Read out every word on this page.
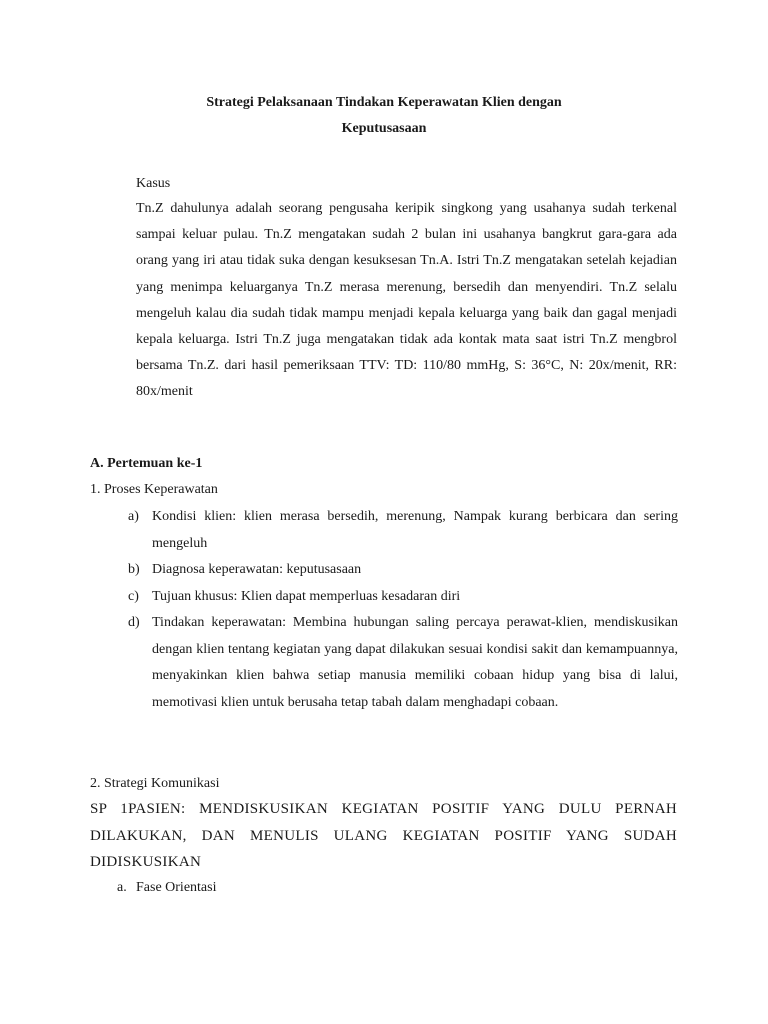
Strategi Pelaksanaan Tindakan Keperawatan Klien dengan
Keputusasaan
Kasus
Tn.Z dahulunya adalah seorang pengusaha keripik singkong yang usahanya sudah terkenal sampai keluar pulau. Tn.Z mengatakan sudah 2 bulan ini usahanya bangkrut gara-gara ada orang yang iri atau tidak suka dengan kesuksesan Tn.A. Istri Tn.Z mengatakan setelah kejadian yang menimpa keluarganya Tn.Z merasa merenung, bersedih dan menyendiri. Tn.Z selalu mengeluh kalau dia sudah tidak mampu menjadi kepala keluarga yang baik dan gagal menjadi kepala keluarga. Istri Tn.Z juga mengatakan tidak ada kontak mata saat istri Tn.Z mengbrol bersama Tn.Z. dari hasil pemeriksaan TTV: TD: 110/80 mmHg, S: 36°C, N: 20x/menit, RR: 80x/menit
A. Pertemuan ke-1
1. Proses Keperawatan
a) Kondisi klien: klien merasa bersedih, merenung, Nampak kurang berbicara dan sering mengeluh
b) Diagnosa keperawatan: keputusasaan
c) Tujuan khusus: Klien dapat memperluas kesadaran diri
d) Tindakan keperawatan: Membina hubungan saling percaya perawat-klien, mendiskusikan dengan klien tentang kegiatan yang dapat dilakukan sesuai kondisi sakit dan kemampuannya, menyakinkan klien bahwa setiap manusia memiliki cobaan hidup yang bisa di lalui, memotivasi klien untuk berusaha tetap tabah dalam menghadapi cobaan.
2. Strategi Komunikasi
SP 1PASIEN: MENDISKUSIKAN KEGIATAN POSITIF YANG DULU PERNAH DILAKUKAN, DAN MENULIS ULANG KEGIATAN POSITIF YANG SUDAH DIDISKUSIKAN
a. Fase Orientasi
